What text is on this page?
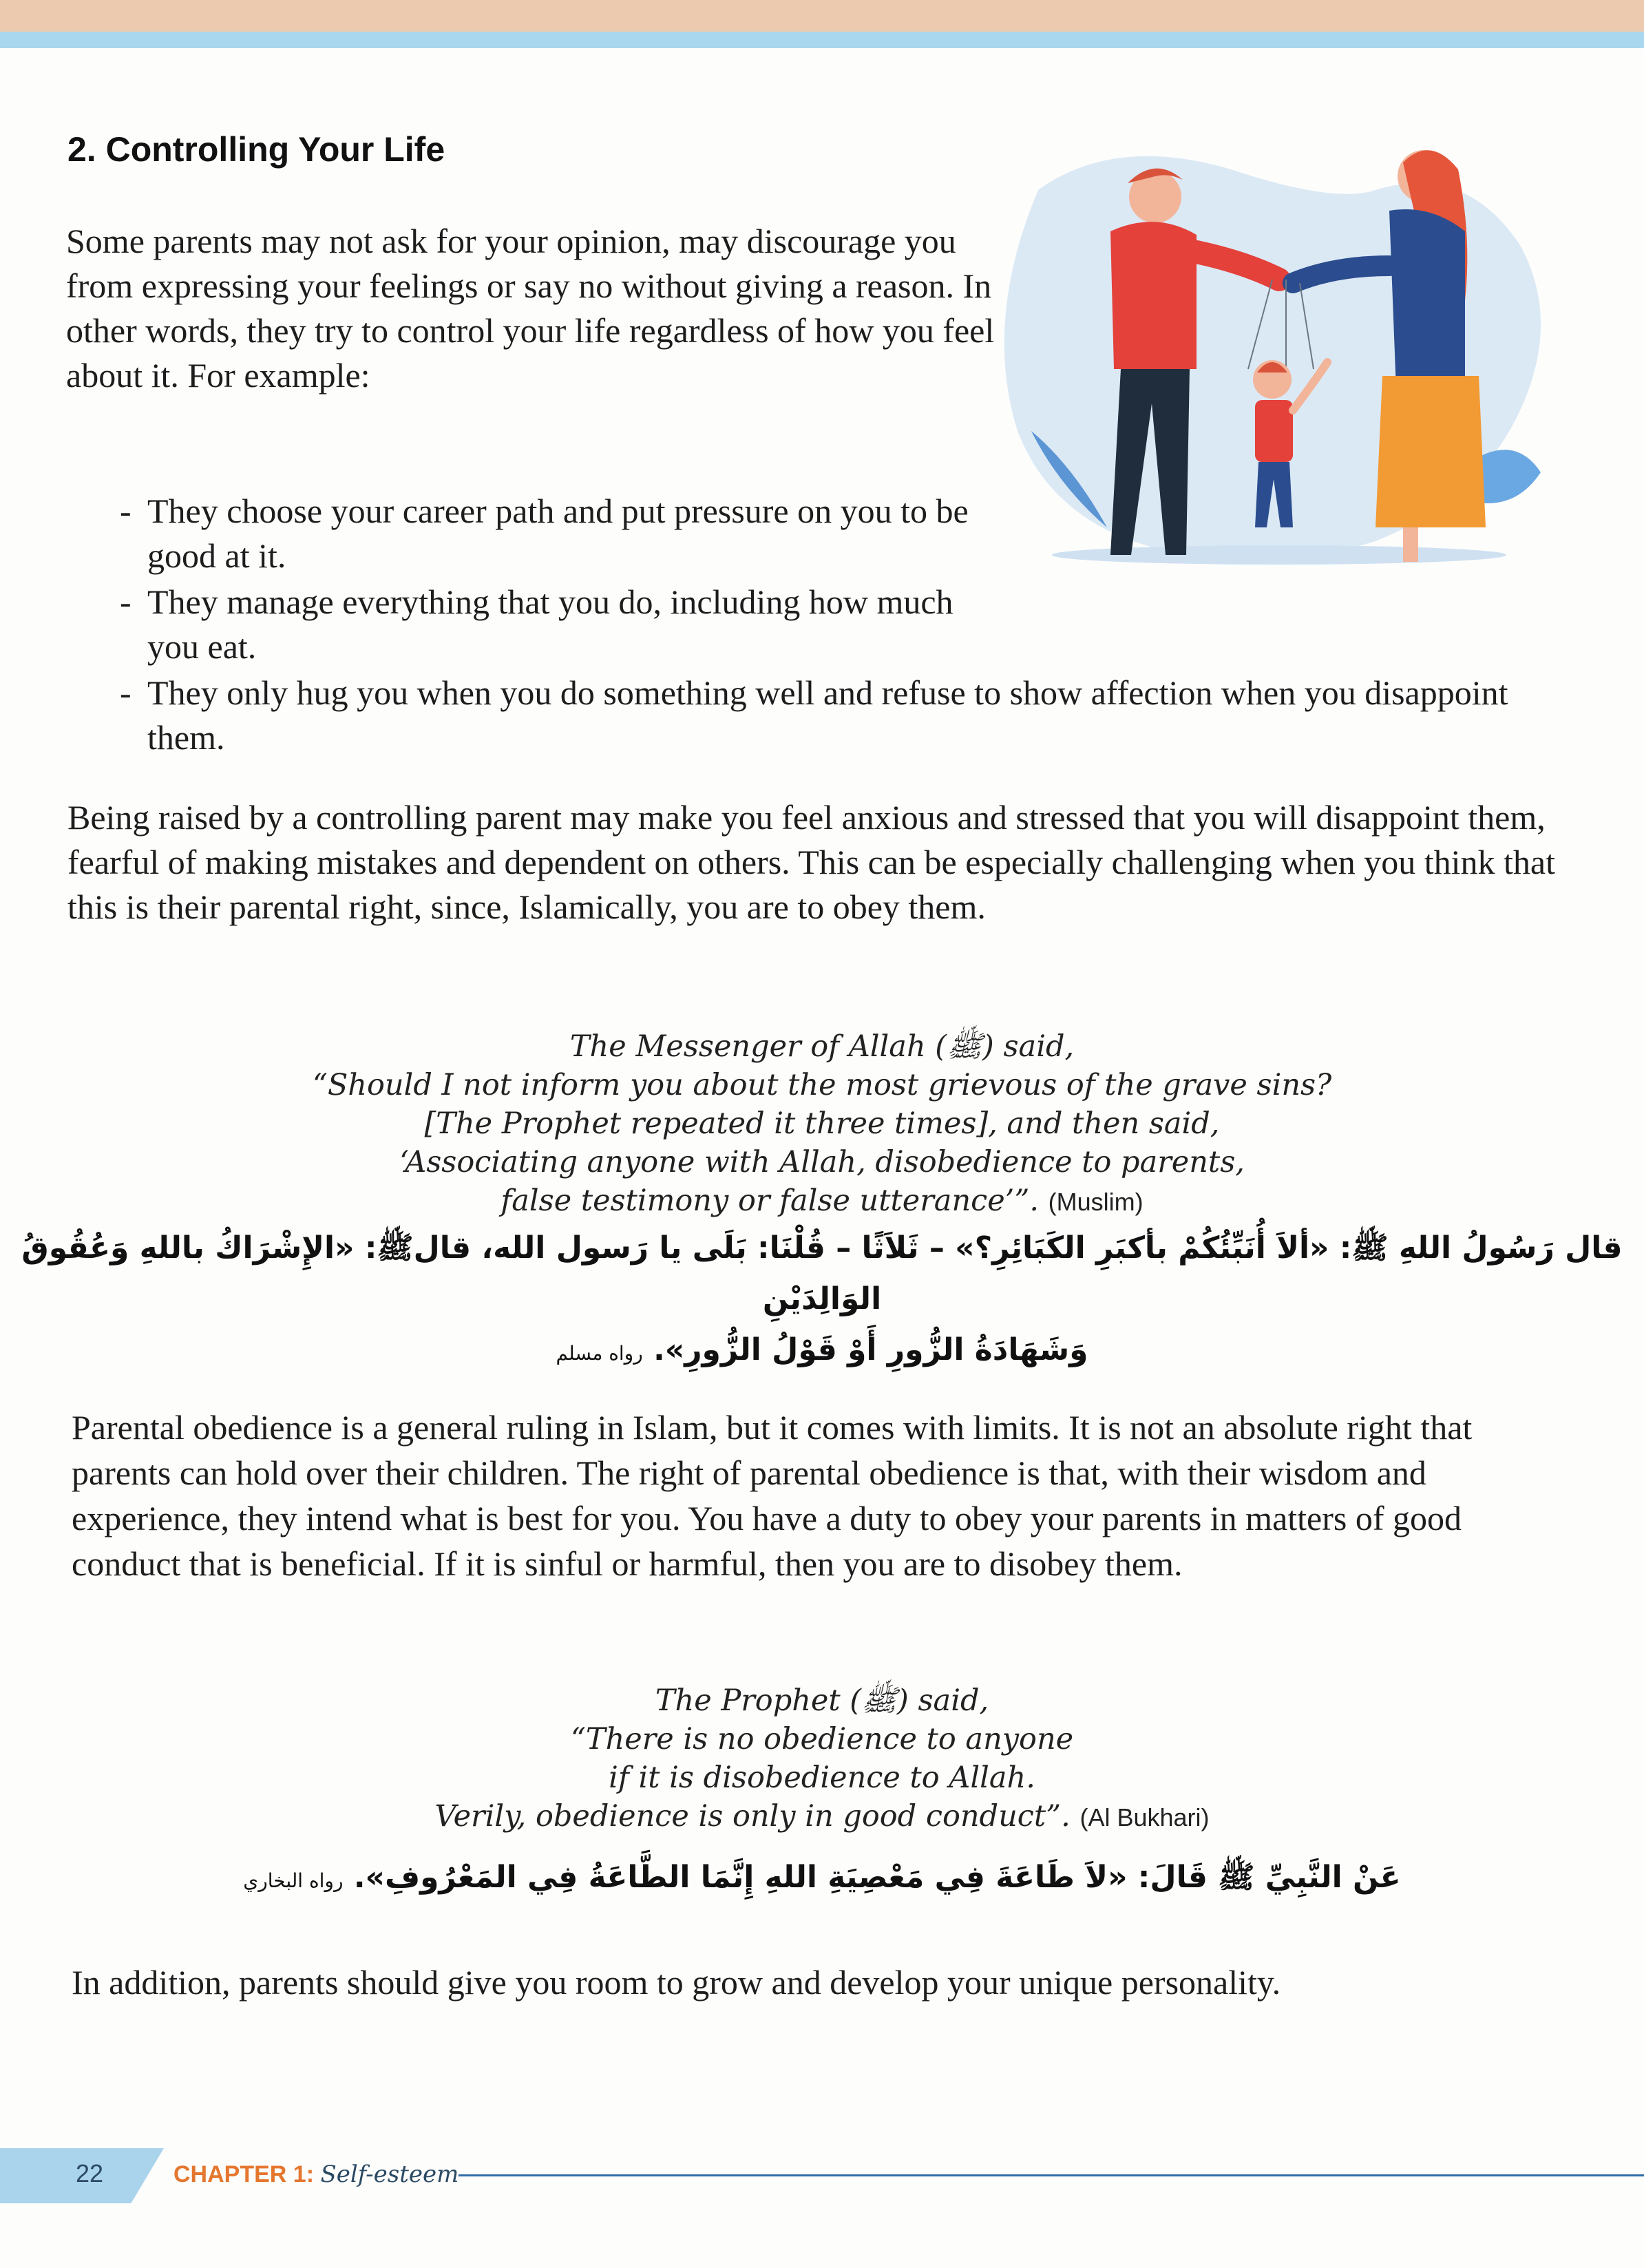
2. Controlling Your Life

Some parents may not ask for your opinion, may discourage you from expressing your feelings or say no without giving a reason. In other words, they try to control your life regardless of how you feel about it. For example:

- They choose your career path and put pressure on you to be good at it.
- They manage everything that you do, including how much you eat.
- They only hug you when you do something well and refuse to show affection when you disappoint them.

Being raised by a controlling parent may make you feel anxious and stressed that you will disappoint them, fearful of making mistakes and dependent on others. This can be especially challenging when you think that this is their parental right, since, Islamically, you are to obey them.

The Messenger of Allah (ﷺ) said,
“Should I not inform you about the most grievous of the grave sins?
[The Prophet repeated it three times], and then said,
‘Associating anyone with Allah, disobedience to parents,
false testimony or false utterance’”. (Muslim)
قال رَسُولُ اللهِ ﷺ: «ألاَ أُنَبِّئُكُمْ بأكبَرِ الكَبَائِرِ؟» – ثَلاَثًا – قُلْنَا: بَلَى يا رَسول الله، قالﷺ: «الإِشْرَاكُ باللهِ وَعُقُوقُ الوَالِدَيْنِ
وَشَهَادَةُ الزُّورِ أَوْ قَوْلُ الزُّورِ». رواه مسلم

Parental obedience is a general ruling in Islam, but it comes with limits. It is not an absolute right that parents can hold over their children. The right of parental obedience is that, with their wisdom and experience, they intend what is best for you. You have a duty to obey your parents in matters of good conduct that is beneficial. If it is sinful or harmful, then you are to disobey them.

The Prophet (ﷺ) said,
“There is no obedience to anyone
if it is disobedience to Allah.
Verily, obedience is only in good conduct”. (Al Bukhari)
عَنْ النَّبِيِّ ﷺ قَالَ: «لاَ طَاعَةَ فِي مَعْصِيَةِ اللهِ إِنَّمَا الطَّاعَةُ فِي المَعْرُوفِ». رواه البخاري

In addition, parents should give you room to grow and develop your unique personality.

22	CHAPTER 1: Self-esteem
